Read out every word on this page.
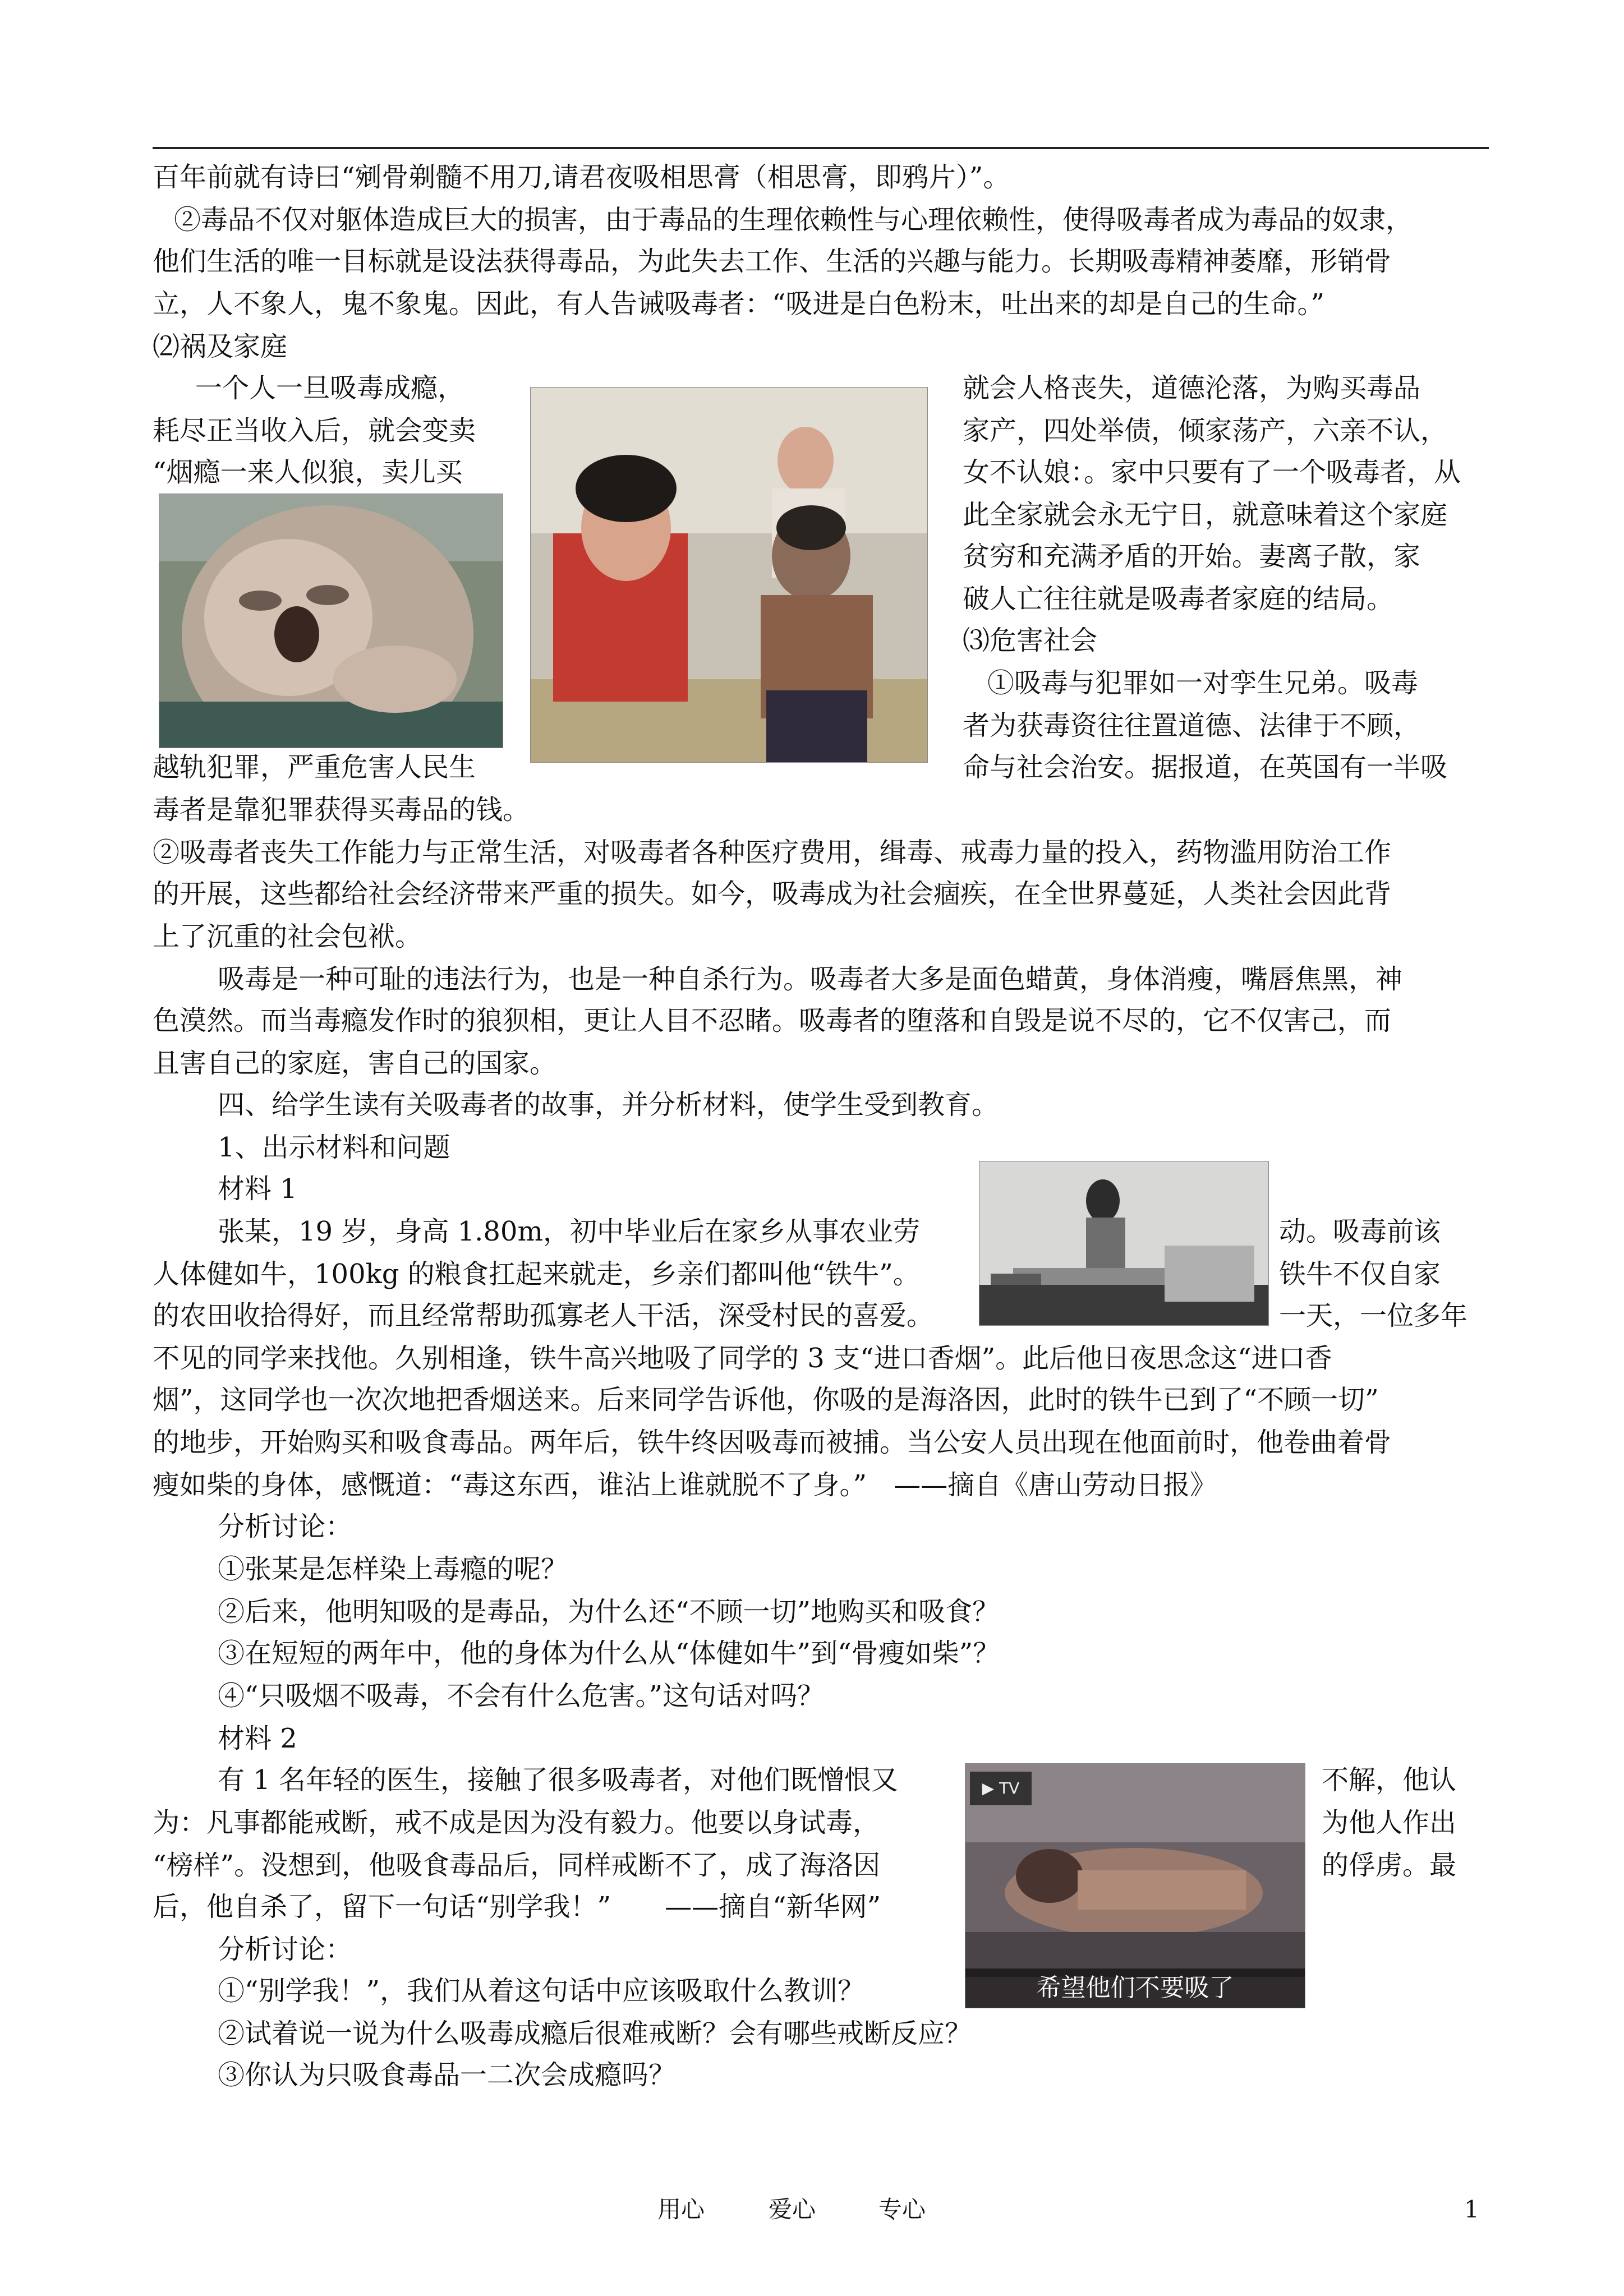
百年前就有诗曰“剜骨剃髓不用刀,请君夜吸相思膏（相思膏，即鸦片）”。
②毒品不仅对躯体造成巨大的损害，由于毒品的生理依赖性与心理依赖性，使得吸毒者成为毒品的奴隶，
他们生活的唯一目标就是设法获得毒品，为此失去工作、生活的兴趣与能力。长期吸毒精神萎靡，形销骨
立，人不象人，鬼不象鬼。因此，有人告诫吸毒者：“吸进是白色粉末，吐出来的却是自己的生命。”
⑵祸及家庭
一个人一旦吸毒成瘾，	就会人格丧失，道德沦落，为购买毒品
耗尽正当收入后，就会变卖	家产，四处举债，倾家荡产，六亲不认，
“烟瘾一来人似狼，卖儿买	女不认娘：。家中只要有了一个吸毒者，从
此全家就会永无宁日，就意味着这个家庭
贫穷和充满矛盾的开始。妻离子散，家
破人亡往往就是吸毒者家庭的结局。
⑶危害社会
①吸毒与犯罪如一对孪生兄弟。吸毒
者为获毒资往往置道德、法律于不顾，
越轨犯罪，严重危害人民生	命与社会治安。据报道，在英国有一半吸
毒者是靠犯罪获得买毒品的钱。
②吸毒者丧失工作能力与正常生活，对吸毒者各种医疗费用，缉毒、戒毒力量的投入，药物滥用防治工作
的开展，这些都给社会经济带来严重的损失。如今，吸毒成为社会痼疾，在全世界蔓延，人类社会因此背
上了沉重的社会包袱。
吸毒是一种可耻的违法行为，也是一种自杀行为。吸毒者大多是面色蜡黄，身体消瘦，嘴唇焦黑，神
色漠然。而当毒瘾发作时的狼狈相，更让人目不忍睹。吸毒者的堕落和自毁是说不尽的，它不仅害己，而
且害自己的家庭，害自己的国家。
四、给学生读有关吸毒者的故事，并分析材料，使学生受到教育。
1、出示材料和问题
材料 1
张某，19 岁，身高 1.80m，初中毕业后在家乡从事农业劳	动。吸毒前该
人体健如牛，100kg 的粮食扛起来就走，乡亲们都叫他“铁牛”。	铁牛不仅自家
的农田收拾得好，而且经常帮助孤寡老人干活，深受村民的喜爱。	一天，一位多年
不见的同学来找他。久别相逢，铁牛高兴地吸了同学的 3 支“进口香烟”。此后他日夜思念这“进口香
烟”，这同学也一次次地把香烟送来。后来同学告诉他，你吸的是海洛因，此时的铁牛已到了“不顾一切”
的地步，开始购买和吸食毒品。两年后，铁牛终因吸毒而被捕。当公安人员出现在他面前时，他卷曲着骨
瘦如柴的身体，感慨道：“毒这东西，谁沾上谁就脱不了身。”　——摘自《唐山劳动日报》
分析讨论：
①张某是怎样染上毒瘾的呢？
②后来，他明知吸的是毒品，为什么还“不顾一切”地购买和吸食？
③在短短的两年中，他的身体为什么从“体健如牛”到“骨瘦如柴”？
④“只吸烟不吸毒，不会有什么危害。”这句话对吗？
材料 2
有 1 名年轻的医生，接触了很多吸毒者，对他们既憎恨又	不解，他认
为：凡事都能戒断，戒不成是因为没有毅力。他要以身试毒，	为他人作出
“榜样”。没想到，他吸食毒品后，同样戒断不了，成了海洛因	的俘虏。最
后，他自杀了，留下一句话“别学我！”　　——摘自“新华网”
分析讨论：
①“别学我！”，我们从着这句话中应该吸取什么教训？
②试着说一说为什么吸毒成瘾后很难戒断？会有哪些戒断反应？
③你认为只吸食毒品一二次会成瘾吗？
▶ TV
希望他们不要吸了
用心	爱心	专心	1
